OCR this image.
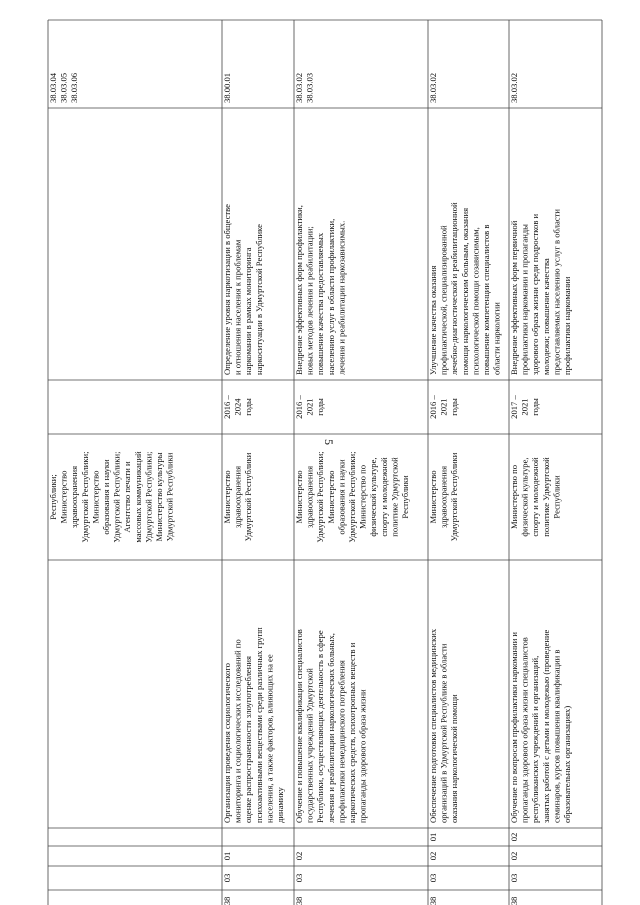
5
Республики; Министерство здравоохранения Удмуртской Республики; Министерство образования и науки Удмуртской Республики; Агентство печати и массовых коммуникаций Удмуртской Республики; Министерство культуры Удмуртской Республики
38.03.04 38.03.05 38.03.06
38
03
01
Организация проведения социологического мониторинга и социологических исследований по оценке распространенности злоупотребления психоактивными веществами среди различных групп населения, а также факторов, влияющих на ее динамику
Министерство здравоохранения Удмуртской Республики
2016 – 2024 годы
Определение уровня наркотизации в обществе и отношения населения к проблемам наркомании в рамках мониторинга наркоситуации в Удмуртской Республике
38.00.01
38
03
02
Обучение и повышение квалификации специалистов государственных учреждений Удмуртской Республики, осуществляющих деятельность в сфере лечения и реабилитации наркологических больных, профилактики немедицинского потребления наркотических средств, психотропных веществ и пропаганды здорового образа жизни
Министерство здравоохранения Удмуртской Республики; Министерство образования и науки Удмуртской Республики; Министерство по физической культуре, спорту и молодежной политике Удмуртской Республики
2016 – 2021 годы
Внедрение эффективных форм профилактики, новых методов лечения и реабилитации; повышение качества предоставляемых населению услуг в области профилактики, лечения и реабилитации наркозависимых.
38.03.02 38.03.03
38
03
02
01
Обеспечение подготовки специалистов медицинских организаций в Удмуртской Республике в области оказания наркологической помощи
Министерство здравоохранения Удмуртской Республики
2016 – 2021 годы
Улучшение качества оказания профилактической, специализированной лечебно-диагностической и реабилитационной помощи наркологическим больным, оказания психологической помощи созависимым, повышение компетенции специалистов в области наркологии
38.03.02
38
03
02
02
Обучение по вопросам профилактики наркомании и пропаганды здорового образа жизни специалистов республиканских учреждений и организаций, занятых работой с детьми и молодежью (проведение семинаров, курсов повышения квалификации в образовательных организациях)
Министерство по физической культуре, спорту и молодежной политике Удмуртской Республики
2017 – 2021 годы
Внедрение эффективных форм первичной профилактики наркомании и пропаганды здорового образа жизни среди подростков и молодежи; повышение качества предоставляемых населению услуг в области профилактики наркомании
38.03.02
